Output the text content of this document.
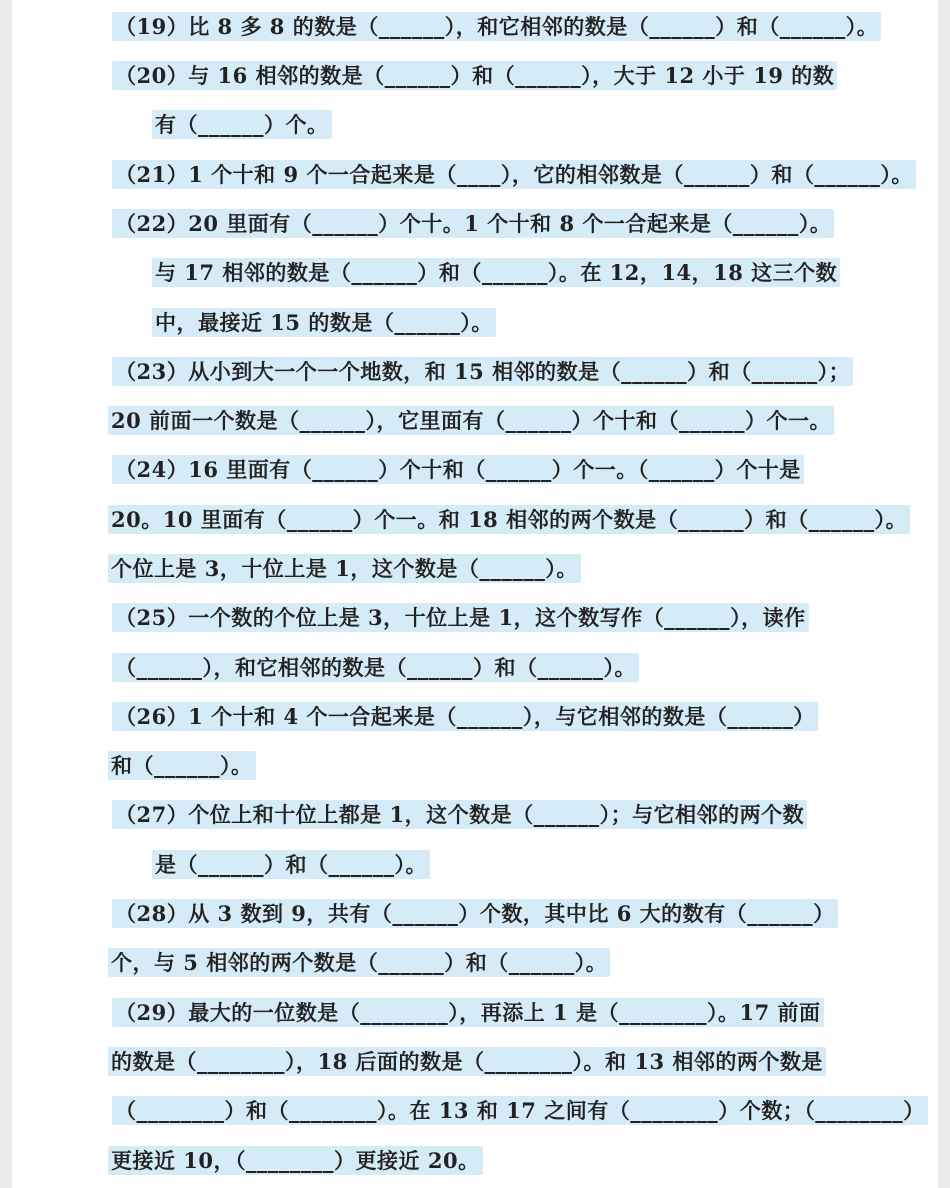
（19）比 8 多 8 的数是（______），和它相邻的数是（______）和（______）。
（20）与 16 相邻的数是（______）和（______），大于 12 小于 19 的数
有（______）个。
（21）1 个十和 9 个一合起来是（____），它的相邻数是（______）和（______）。
（22）20 里面有（______）个十。1 个十和 8 个一合起来是（______）。
与 17 相邻的数是（______）和（______）。在 12，14，18 这三个数
中，最接近 15 的数是（______）。
（23）从小到大一个一个地数，和 15 相邻的数是（______）和（______）；
20 前面一个数是（______），它里面有（______）个十和（______）个一。
（24）16 里面有（______）个十和（______）个一。（______）个十是
20。10 里面有（______）个一。和 18 相邻的两个数是（______）和（______）。
个位上是 3，十位上是 1，这个数是（______）。
（25）一个数的个位上是 3，十位上是 1，这个数写作（______），读作
（______），和它相邻的数是（______）和（______）。
（26）1 个十和 4 个一合起来是（______），与它相邻的数是（______）
和（______）。
（27）个位上和十位上都是 1，这个数是（______）；与它相邻的两个数
是（______）和（______）。
（28）从 3 数到 9，共有（______）个数，其中比 6 大的数有（______）
个，与 5 相邻的两个数是（______）和（______）。
（29）最大的一位数是（________），再添上 1 是（________）。17 前面
的数是（________），18 后面的数是（________）。和 13 相邻的两个数是
（________）和（________）。在 13 和 17 之间有（________）个数；（________）
更接近 10，（________）更接近 20。
